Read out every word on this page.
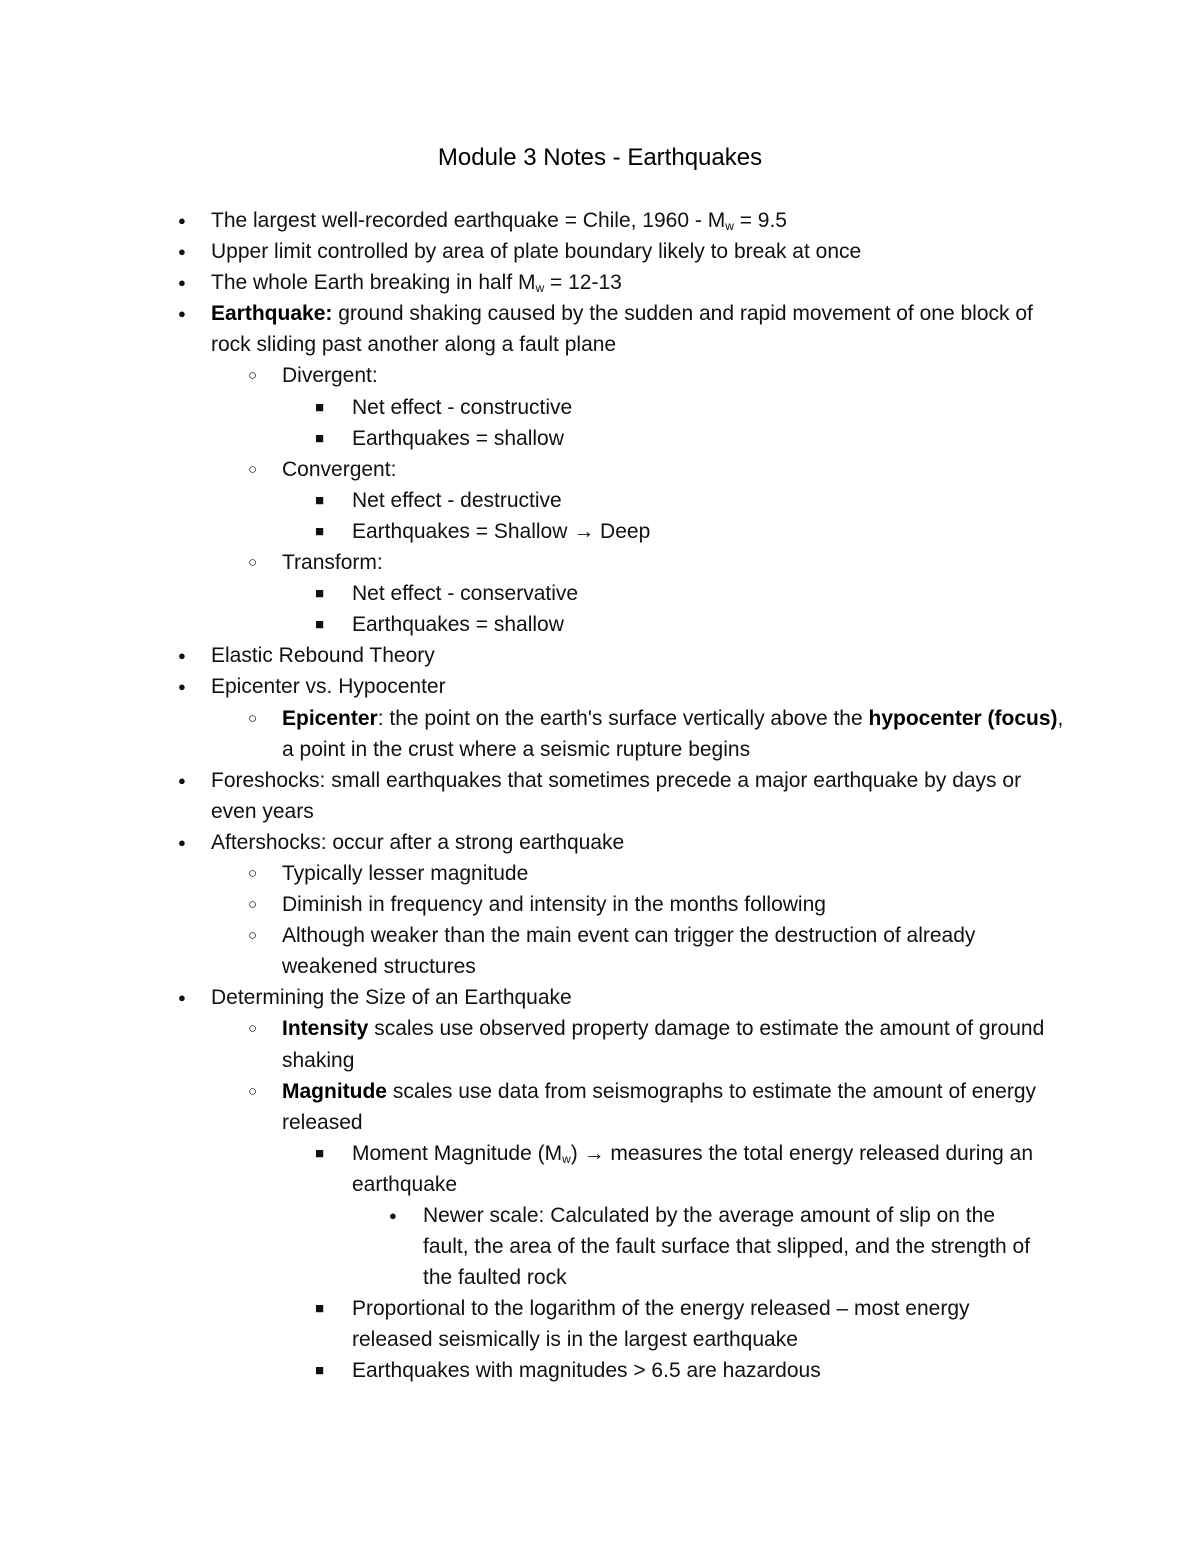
Module 3 Notes - Earthquakes
● The largest well-recorded earthquake = Chile, $1960 - M_w = 9.5$
● Upper limit controlled by area of plate boundary likely to break at once
● The whole Earth breaking in half $M_w = 12-13$
● Earthquake: ground shaking caused by the sudden and rapid movement of one block of rock sliding past another along a fault plane
○ Divergent:
■ Net effect - constructive
■ Earthquakes = shallow
○ Convergent:
■ Net effect - destructive
■ Earthquakes = Shallow → Deep
○ Transform:
■ Net effect - conservative
■ Earthquakes = shallow
● Elastic Rebound Theory
● Epicenter vs. Hypocenter
○ Epicenter: the point on the earth's surface vertically above the hypocenter (focus), a point in the crust where a seismic rupture begins
● Foreshocks: small earthquakes that sometimes precede a major earthquake by days or even years
● Aftershocks: occur after a strong earthquake
○ Typically lesser magnitude
○ Diminish in frequency and intensity in the months following
○ Although weaker than the main event can trigger the destruction of already weakened structures
● Determining the Size of an Earthquake
○ Intensity scales use observed property damage to estimate the amount of ground shaking
○ Magnitude scales use data from seismographs to estimate the amount of energy released
■ Moment Magnitude $(M_w)$ → measures the total energy released during an earthquake
● Newer scale: Calculated by the average amount of slip on the fault, the area of the fault surface that slipped, and the strength of the faulted rock
■ Proportional to the logarithm of the energy released – most energy released seismically is in the largest earthquake
■ Earthquakes with magnitudes > 6.5 are hazardous
